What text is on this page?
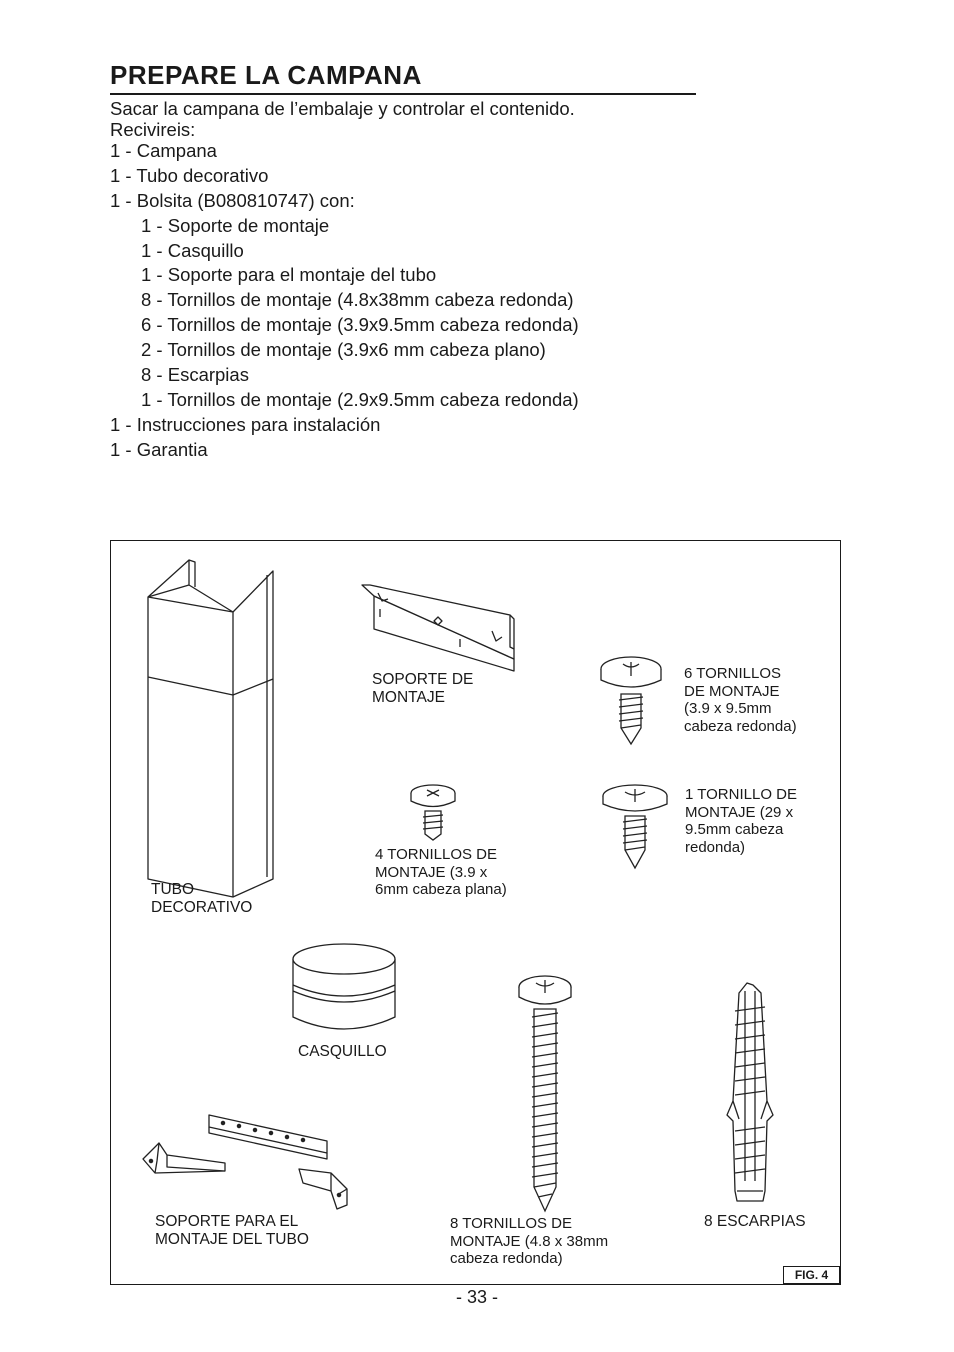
PREPARE LA CAMPANA
Sacar la campana de l’embalaje y controlar el contenido.
Recivireis:
1 - Campana
1 - Tubo decorativo
1 - Bolsita (B080810747) con:
1 - Soporte de montaje
1 - Casquillo
1 - Soporte para el montaje del tubo
8 - Tornillos de montaje (4.8x38mm cabeza redonda)
6 - Tornillos de montaje (3.9x9.5mm cabeza redonda)
2 - Tornillos de montaje (3.9x6 mm cabeza plano)
8 - Escarpias
1 - Tornillos de montaje (2.9x9.5mm cabeza redonda)
1 - Instrucciones para instalación
1 - Garantia
TUBO
DECORATIVO
SOPORTE DE
MONTAJE
6 TORNILLOS
DE MONTAJE
(3.9 x 9.5mm
cabeza redonda)
4 TORNILLOS DE
MONTAJE (3.9 x
6mm cabeza plana)
1 TORNILLO DE
MONTAJE (29 x
9.5mm cabeza
redonda)
CASQUILLO
SOPORTE PARA EL
MONTAJE DEL TUBO
8 TORNILLOS DE
MONTAJE (4.8 x 38mm
cabeza redonda)
8 ESCARPIAS
FIG. 4
- 33 -
